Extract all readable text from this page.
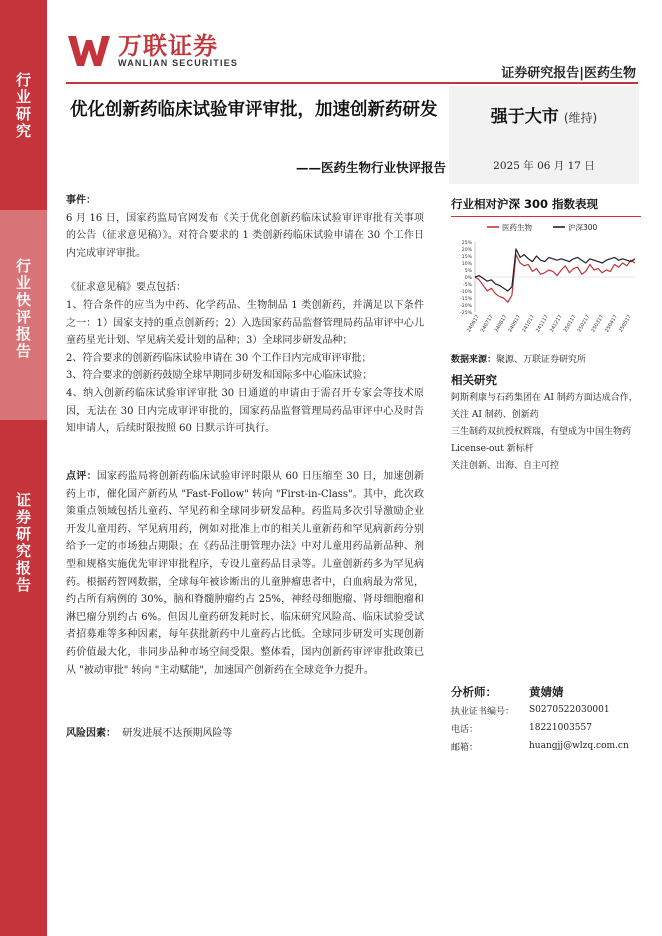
行业研究
行业快评报告
证券研究报告
万联证券
WANLIAN SECURITIES
证券研究报告|医药生物
优化创新药临床试验审评审批，加速创新药研发
——医药生物行业快评报告
强于大市 (维持)
2025 年 06 月 17 日
事件：
6 月 16 日，国家药监局官网发布《关于优化创新药临床试验审评审批有关事项的公告（征求意见稿）》。对符合要求的 1 类创新药临床试验申请在 30 个工作日内完成审评审批。
《征求意见稿》要点包括：
1、符合条件的应当为中药、化学药品、生物制品 1 类创新药，并满足以下条件之一：1）国家支持的重点创新药；2）入选国家药品监督管理局药品审评中心儿童药星光计划、罕见病关爱计划的品种；3）全球同步研发品种；
2、符合要求的创新药临床试验申请在 30 个工作日内完成审评审批；
3、符合要求的创新药鼓励全球早期同步研发和国际多中心临床试验；
4、纳入创新药临床试验审评审批 30 日通道的申请由于需召开专家会等技术原因，无法在 30 日内完成审评审批的，国家药品监督管理局药品审评中心及时告知申请人，后续时限按照 60 日默示许可执行。
点评：国家药监局将创新药临床试验审评时限从 60 日压缩至 30 日，加速创新药上市，催化国产新药从 "Fast-Follow" 转向 "First-in-Class"。其中，此次政策重点领域包括儿童药、罕见药和全球同步研发品种。药监局多次引导激励企业开发儿童用药、罕见病用药，例如对批准上市的相关儿童新药和罕见病新药分别给予一定的市场独占期限；在《药品注册管理办法》中对儿童用药品新品种、剂型和规格实施优先审评审批程序，专设儿童药品目录等。儿童创新药多为罕见病药。根据药智网数据，全球每年被诊断出的儿童肿瘤患者中，白血病最为常见，约占所有病例的 30%，脑和脊髓肿瘤约占 25%，神经母细胞瘤、肾母细胞瘤和淋巴瘤分别约占 6%。但因儿童药研发耗时长、临床研究风险高、临床试验受试者招募难等多种因素，每年获批新药中儿童药占比低。全球同步研发可实现创新药价值最大化，非同步品种市场空间受限。整体看，国内创新药审评审批政策已从 "被动审批" 转向 "主动赋能"，加速国产创新药在全球竞争力提升。
风险因素： 研发进展不达预期风险等
行业相对沪深 300 指数表现
医药生物	沪深300
25%
20%
15%
10%
5%
0%
-5%
-10%
-15%
-20%
-25%
240617 240717 240817 240917 241017 241117 241217 250117 250217 250317 250417 250517
数据来源：聚源、万联证券研究所
相关研究
阿斯利康与石药集团在 AI 制药方面达成合作，关注 AI 制药、创新药
三生制药双抗授权辉瑞，有望成为中国生物药 License-out 新标杆
关注创新、出海、自主可控
分析师：	黄婧婧
执业证书编号：	S0270522030001
电话：	18221003557
邮箱：	huangjj@wlzq.com.cn
